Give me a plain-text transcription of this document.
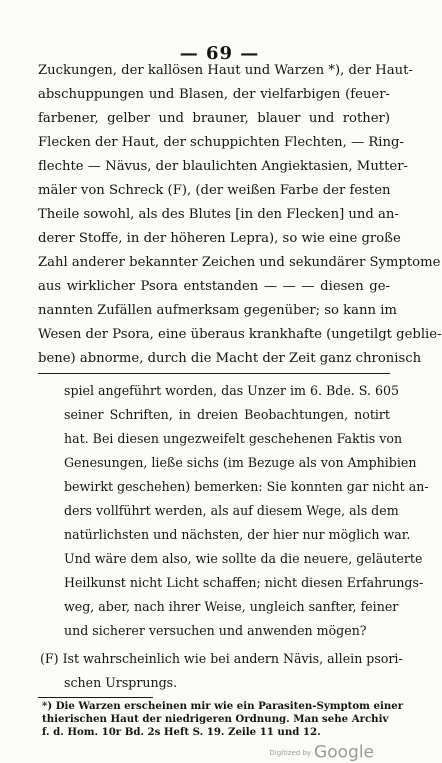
— 69 —
Zuckungen, der kallösen Haut und Warzen *), der Haut-
abschuppungen und Blasen, der vielfarbigen (feuer-
farbener, gelber und brauner, blauer und rother)
Flecken der Haut, der schuppichten Flechten, — Ring-
flechte — Nävus, der blaulichten Angiektasien, Mutter-
mäler von Schreck (F), (der weißen Farbe der festen
Theile sowohl, als des Blutes [in den Flecken] und an-
derer Stoffe, in der höheren Lepra), so wie eine große
Zahl anderer bekannter Zeichen und sekundärer Symptome
aus wirklicher Psora entstanden — — — diesen ge-
nannten Zufällen aufmerksam gegenüber; so kann im
Wesen der Psora, eine überaus krankhafte (ungetilgt geblie-
bene) abnorme, durch die Macht der Zeit ganz chronisch
spiel angeführt worden, das Unzer im 6. Bde. S. 605
seiner Schriften, in dreien Beobachtungen, notirt
hat. Bei diesen ungezweifelt geschehenen Faktis von
Genesungen, ließe sichs (im Bezuge als von Amphibien
bewirkt geschehen) bemerken: Sie konnten gar nicht an-
ders vollführt werden, als auf diesem Wege, als dem
natürlichsten und nächsten, der hier nur möglich war.
Und wäre dem also, wie sollte da die neuere, geläuterte
Heilkunst nicht Licht schaffen; nicht diesen Erfahrungs-
weg, aber, nach ihrer Weise, ungleich sanfter, feiner
und sicherer versuchen und anwenden mögen?
(F) Ist wahrscheinlich wie bei andern Nävis, allein psori-
schen Ursprungs.
*) Die Warzen erscheinen mir wie ein Parasiten-Symptom einer
thierischen Haut der niedrigeren Ordnung. Man sehe Archiv
f. d. Hom. 10r Bd. 2s Heft S. 19. Zeile 11 und 12.
Digitized by Google
